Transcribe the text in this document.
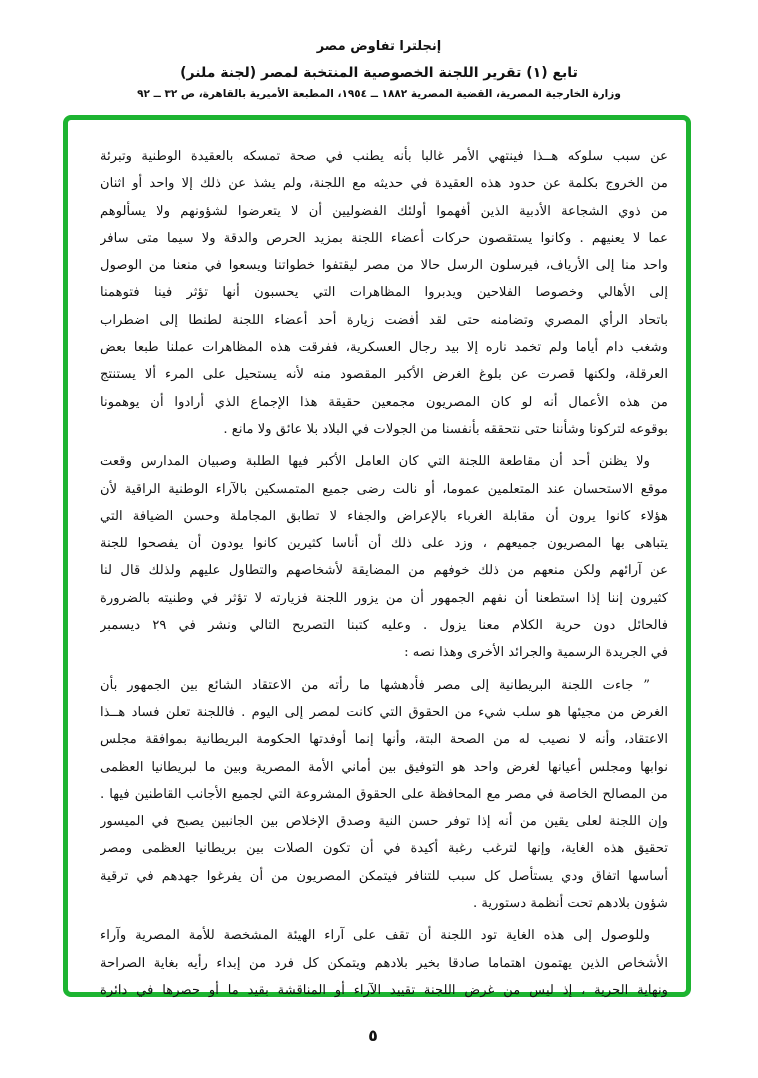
إنجلترا تفاوض مصر
تابع (١) تقرير اللجنة الخصوصية المنتخبة لمصر (لجنة ملنر)
وزارة الخارجية المصرية، القضية المصرية ١٨٨٢ ــ ١٩٥٤، المطبعة الأميرية بالقاهرة، ص ٣٢ ــ ٩٢
عن سبب سلوكه هــذا فينتهي الأمر غالبا بأنه يطنب في صحة تمسكه بالعقيدة الوطنية وتبرئة
من الخروج بكلمة عن حدود هذه العقيدة في حديثه مع اللجنة، ولم يشذ عن ذلك إلا واحد أو اثنان
من ذوي الشجاعة الأدبية الذين أفهموا أولئك الفضوليين أن لا يتعرضوا لشؤونهم ولا يسألوهم
عما لا يعنيهم . وكانوا يستقصون حركات أعضاء اللجنة بمزيد الحرص والدقة ولا سيما متى سافر
واحد منا إلى الأرياف، فيرسلون الرسل حالا من مصر ليقتفوا خطواتنا ويسعوا في منعنا من الوصول
إلى الأهالي وخصوصا الفلاحين ويدبروا المظاهرات التي يحسبون أنها تؤثر فينا فتوهمنا
باتحاد الرأي المصري وتضامنه حتى لقد أفضت زيارة أحد أعضاء اللجنة لطنطا إلى اضطراب
وشغب دام أياما ولم تخمد ناره إلا بيد رجال العسكرية، ففرقت هذه المظاهرات عملنا طبعا بعض
العرقلة، ولكنها قصرت عن بلوغ الغرض الأكبر المقصود منه لأنه يستحيل على المرء ألا يستنتج
من هذه الأعمال أنه لو كان المصريون مجمعين حقيقة هذا الإجماع الذي أرادوا أن يوهمونا
بوقوعه لتركونا وشأننا حتى نتحققه بأنفسنا من الجولات في البلاد بلا عائق ولا مانع .
ولا يظنن أحد أن مقاطعة اللجنة التي كان العامل الأكبر فيها الطلبة وصبيان المدارس وقعت
موقع الاستحسان عند المتعلمين عموما، أو نالت رضى جميع المتمسكين بالآراء الوطنية الراقية لأن
هؤلاء كانوا يرون أن مقابلة الغرباء بالإعراض والجفاء لا تطابق المجاملة وحسن الضيافة التي
يتباهى بها المصريون جميعهم ، وزد على ذلك أن أناسا كثيرين كانوا يودون أن يفصحوا للجنة
عن آرائهم ولكن منعهم من ذلك خوفهم من المضايقة لأشخاصهم والتطاول عليهم ولذلك قال لنا
كثيرون إننا إذا استطعنا أن نفهم الجمهور أن من يزور اللجنة فزيارته لا تؤثر في وطنيته بالضرورة
فالحائل دون حرية الكلام معنا يزول . وعليه كتبنا التصريح التالي ونشر في ٢٩ ديسمبر
في الجريدة الرسمية والجرائد الأخرى وهذا نصه :
” جاءت اللجنة البريطانية إلى مصر فأدهشها ما رأته من الاعتقاد الشائع بين الجمهور بأن
الغرض من مجيئها هو سلب شيء من الحقوق التي كانت لمصر إلى اليوم . فاللجنة تعلن فساد هــذا
الاعتقاد، وأنه لا نصيب له من الصحة البتة، وأنها إنما أوفدتها الحكومة البريطانية بموافقة مجلس
نوابها ومجلس أعيانها لغرض واحد هو التوفيق بين أماني الأمة المصرية وبين ما لبريطانيا العظمى
من المصالح الخاصة في مصر مع المحافظة على الحقوق المشروعة التي لجميع الأجانب القاطنين فيها .
وإن اللجنة لعلى يقين من أنه إذا توفر حسن النية وصدق الإخلاص بين الجانبين يصبح في الميسور
تحقيق هذه الغاية، وإنها لترغب رغبة أكيدة في أن تكون الصلات بين بريطانيا العظمى ومصر
أساسها اتفاق ودي يستأصل كل سبب للتنافر فيتمكن المصريون من أن يفرغوا جهدهم في ترقية
شؤون بلادهم تحت أنظمة دستورية .
وللوصول إلى هذه الغاية تود اللجنة أن تقف على آراء الهيئة المشخصة للأمة المصرية وآراء
الأشخاص الذين يهتمون اهتماما صادقا بخير بلادهم ويتمكن كل فرد من إبداء رأيه بغاية الصراحة
ونهاية الحرية ، إذ ليس من غرض اللجنة تقييد الآراء أو المناقشة بقيد ما أو حصرها في دائرة
٥
